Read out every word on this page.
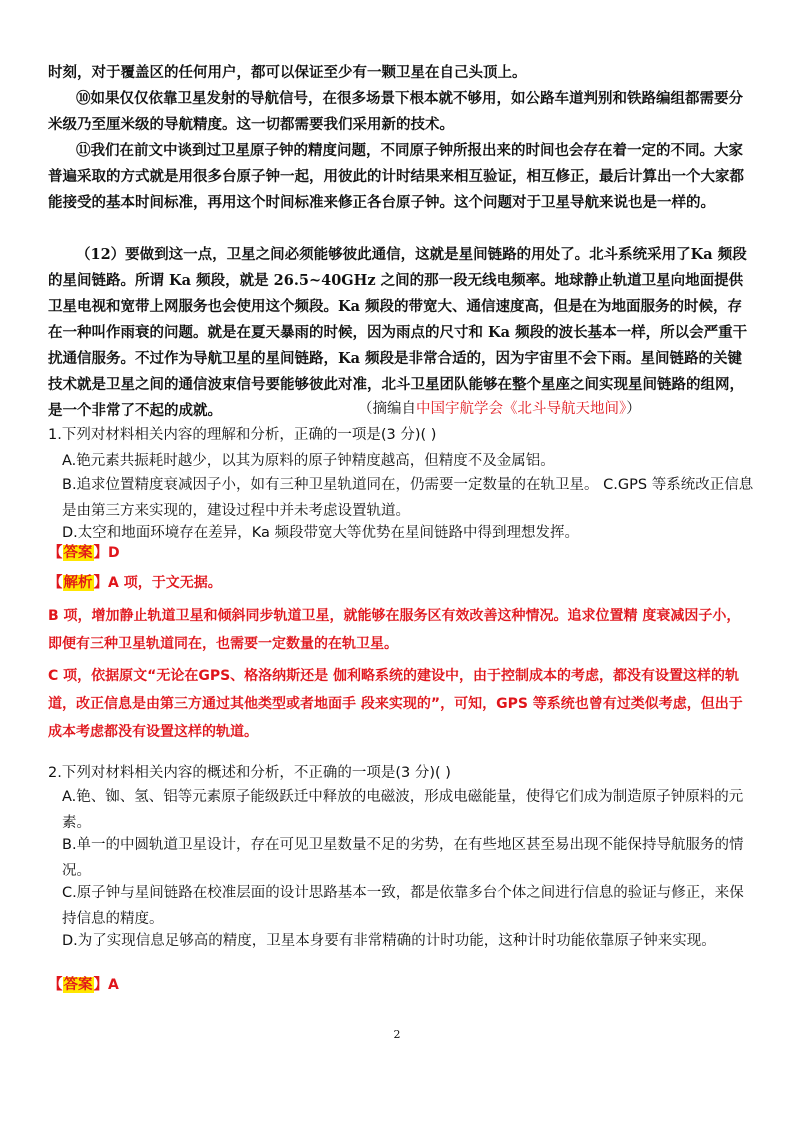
时刻，对于覆盖区的任何用户，都可以保证至少有一颗卫星在自己头顶上。
⑩如果仅仅依靠卫星发射的导航信号，在很多场景下根本就不够用，如公路车道判别和铁路编组都需要分米级乃至厘米级的导航精度。这一切都需要我们采用新的技术。
⑪我们在前文中谈到过卫星原子钟的精度问题，不同原子钟所报出来的时间也会存在着一定的不同。大家普遍采取的方式就是用很多台原子钟一起，用彼此的计时结果来相互验证，相互修正，最后计算出一个大家都能接受的基本时间标准，再用这个时间标准来修正各台原子钟。这个问题对于卫星导航来说也是一样的。
（12）要做到这一点，卫星之间必须能够彼此通信，这就是星间链路的用处了。北斗系统采用了Ka 频段的星间链路。所谓 Ka 频段，就是 26.5~40GHz 之间的那一段无线电频率。地球静止轨道卫星向地面提供卫星电视和宽带上网服务也会使用这个频段。Ka 频段的带宽大、通信速度高，但是在为地面服务的时候，存在一种叫作雨衰的问题。就是在夏天暴雨的时候，因为雨点的尺寸和 Ka 频段的波长基本一样，所以会严重干扰通信服务。不过作为导航卫星的星间链路，Ka 频段是非常合适的，因为宇宙里不会下雨。星间链路的关键技术就是卫星之间的通信波束信号要能够彼此对准，北斗卫星团队能够在整个星座之间实现星间链路的组网，是一个非常了不起的成就。	（摘编自中国宇航学会《北斗导航天地间》）
1.下列对材料相关内容的理解和分析，正确的一项是(3 分)( )
A.铯元素共振耗时越少，以其为原料的原子钟精度越高，但精度不及金属铝。
B.追求位置精度衰减因子小，如有三种卫星轨道同在，仍需要一定数量的在轨卫星。 C.GPS 等系统改正信息是由第三方来实现的，建设过程中并未考虑设置轨道。
D.太空和地面环境存在差异，Ka 频段带宽大等优势在星间链路中得到理想发挥。
【答案】D
【解析】A 项，于文无据。
B 项，增加静止轨道卫星和倾斜同步轨道卫星，就能够在服务区有效改善这种情况。追求位置精 度衰减因子小，即便有三种卫星轨道同在，也需要一定数量的在轨卫星。
C 项，依据原文“无论在GPS、格洛纳斯还是 伽利略系统的建设中，由于控制成本的考虑，都没有设置这样的轨道，改正信息是由第三方通过其他类型或者地面手 段来实现的”，可知，GPS 等系统也曾有过类似考虑，但出于成本考虑都没有设置这样的轨道。
2.下列对材料相关内容的概述和分析，不正确的一项是(3 分)( )
A.铯、铷、氢、铝等元素原子能级跃迁中释放的电磁波，形成电磁能量，使得它们成为制造原子钟原料的元素。
B.单一的中圆轨道卫星设计，存在可见卫星数量不足的劣势，在有些地区甚至易出现不能保持导航服务的情况。
C.原子钟与星间链路在校准层面的设计思路基本一致，都是依靠多台个体之间进行信息的验证与修正，来保持信息的精度。
D.为了实现信息足够高的精度，卫星本身要有非常精确的计时功能，这种计时功能依靠原子钟来实现。
【答案】A
2
